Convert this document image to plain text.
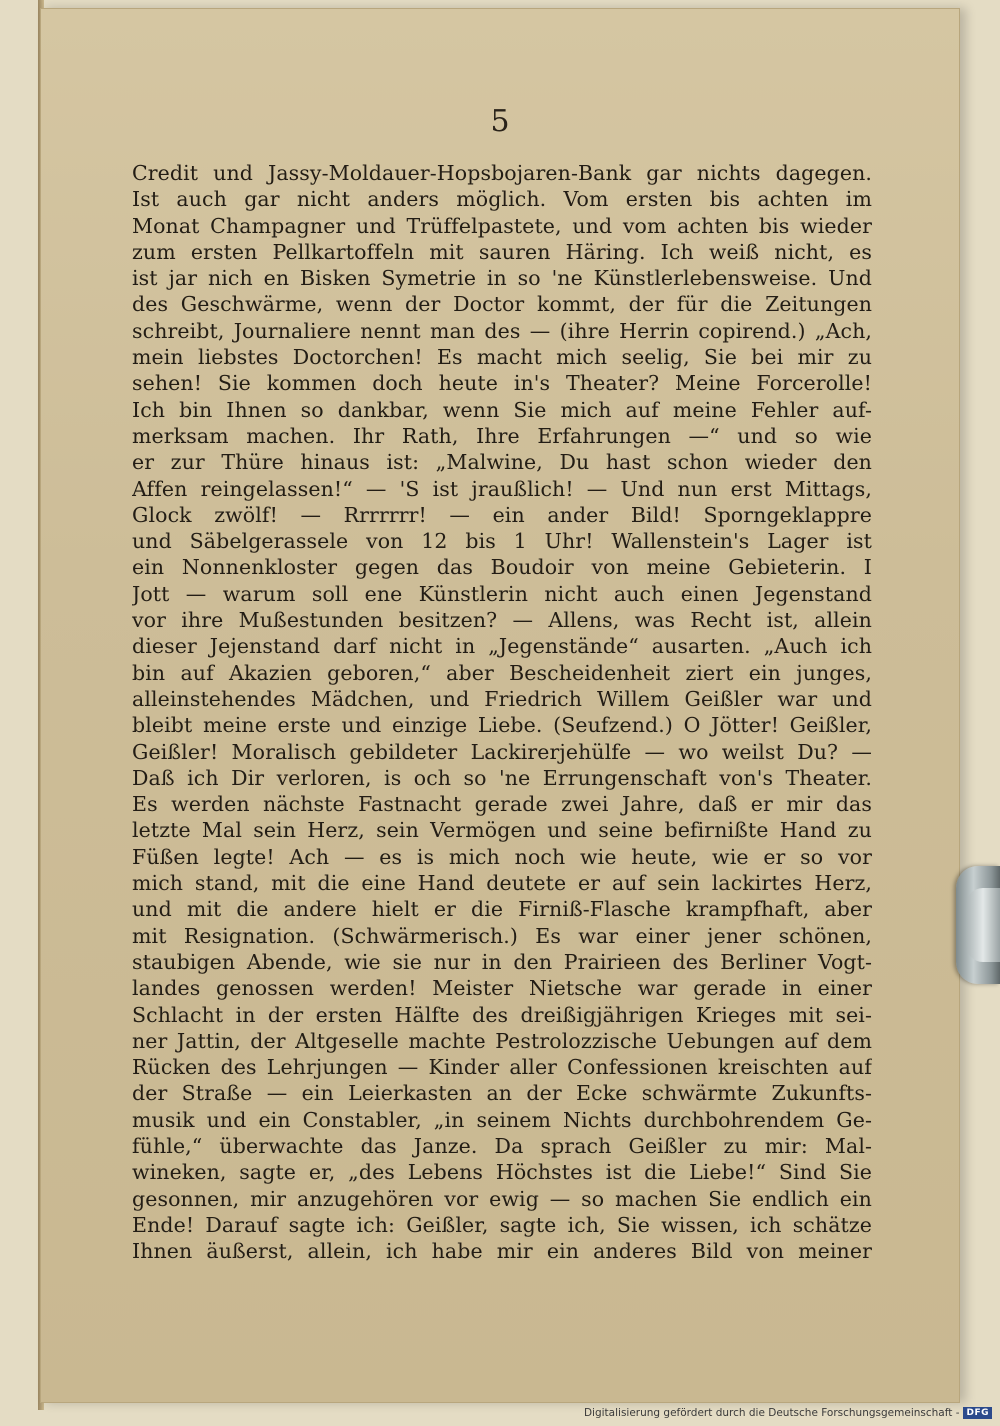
5
Credit und Jassy-Moldauer-Hopsbojaren-Bank gar nichts dagegen.
Ist auch gar nicht anders möglich. Vom ersten bis achten im
Monat Champagner und Trüffelpastete, und vom achten bis wieder
zum ersten Pellkartoffeln mit sauren Häring. Ich weiß nicht, es
ist jar nich en Bisken Symetrie in so 'ne Künstlerlebensweise. Und
des Geschwärme, wenn der Doctor kommt, der für die Zeitungen
schreibt, Journaliere nennt man des — (ihre Herrin copirend.) „Ach,
mein liebstes Doctorchen! Es macht mich seelig, Sie bei mir zu
sehen! Sie kommen doch heute in's Theater? Meine Forcerolle!
Ich bin Ihnen so dankbar, wenn Sie mich auf meine Fehler auf-
merksam machen. Ihr Rath, Ihre Erfahrungen —“ und so wie
er zur Thüre hinaus ist: „Malwine, Du hast schon wieder den
Affen reingelassen!“ — 'S ist jraußlich! — Und nun erst Mittags,
Glock zwölf! — Rrrrrrr! — ein ander Bild! Sporngeklappre
und Säbelgerassele von 12 bis 1 Uhr! Wallenstein's Lager ist
ein Nonnenkloster gegen das Boudoir von meine Gebieterin. I
Jott — warum soll ene Künstlerin nicht auch einen Jegenstand
vor ihre Mußestunden besitzen? — Allens, was Recht ist, allein
dieser Jejenstand darf nicht in „Jegenstände“ ausarten. „Auch ich
bin auf Akazien geboren,“ aber Bescheidenheit ziert ein junges,
alleinstehendes Mädchen, und Friedrich Willem Geißler war und
bleibt meine erste und einzige Liebe. (Seufzend.) O Jötter! Geißler,
Geißler! Moralisch gebildeter Lackirerjehülfe — wo weilst Du? —
Daß ich Dir verloren, is och so 'ne Errungenschaft von's Theater.
Es werden nächste Fastnacht gerade zwei Jahre, daß er mir das
letzte Mal sein Herz, sein Vermögen und seine befirnißte Hand zu
Füßen legte! Ach — es is mich noch wie heute, wie er so vor
mich stand, mit die eine Hand deutete er auf sein lackirtes Herz,
und mit die andere hielt er die Firniß-Flasche krampfhaft, aber
mit Resignation. (Schwärmerisch.) Es war einer jener schönen,
staubigen Abende, wie sie nur in den Prairieen des Berliner Vogt-
landes genossen werden! Meister Nietsche war gerade in einer
Schlacht in der ersten Hälfte des dreißigjährigen Krieges mit sei-
ner Jattin, der Altgeselle machte Pestrolozzische Uebungen auf dem
Rücken des Lehrjungen — Kinder aller Confessionen kreischten auf
der Straße — ein Leierkasten an der Ecke schwärmte Zukunfts-
musik und ein Constabler, „in seinem Nichts durchbohrendem Ge-
fühle,“ überwachte das Janze. Da sprach Geißler zu mir: Mal-
wineken, sagte er, „des Lebens Höchstes ist die Liebe!“ Sind Sie
gesonnen, mir anzugehören vor ewig — so machen Sie endlich ein
Ende! Darauf sagte ich: Geißler, sagte ich, Sie wissen, ich schätze
Ihnen äußerst, allein, ich habe mir ein anderes Bild von meiner
Digitalisierung gefördert durch die Deutsche Forschungsgemeinschaft - DFG
